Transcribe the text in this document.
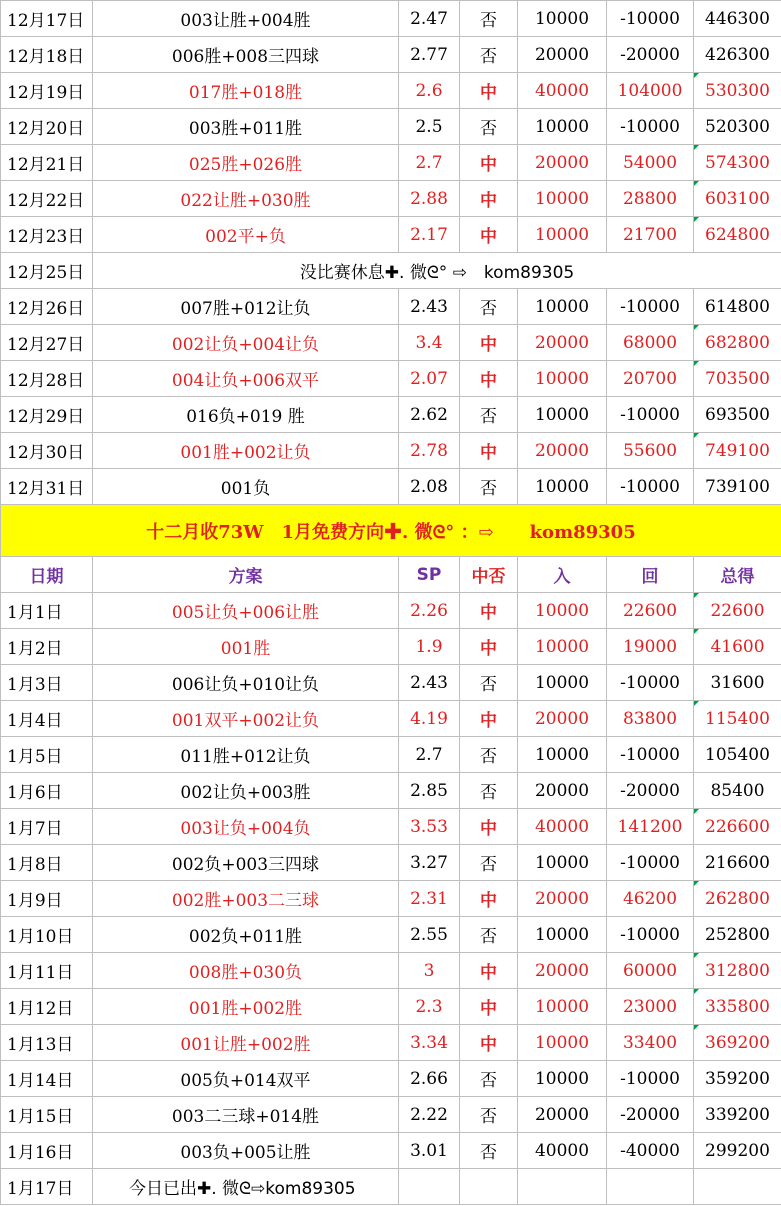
12月17日	003让胜+004胜	2.47	否	10000	-10000	446300
12月18日	006胜+008三四球	2.77	否	20000	-20000	426300
12月19日	017胜+018胜	2.6	中	40000	104000	530300
12月20日	003胜+011胜	2.5	否	10000	-10000	520300
12月21日	025胜+026胜	2.7	中	20000	54000	574300
12月22日	022让胜+030胜	2.88	中	10000	28800	603100
12月23日	002平+负	2.17	中	10000	21700	624800
12月25日	没比赛休息✚. 微ᘓ° ⇨　kom89305					
12月26日	007胜+012让负	2.43	否	10000	-10000	614800
12月27日	002让负+004让负	3.4	中	20000	68000	682800
12月28日	004让负+006双平	2.07	中	10000	20700	703500
12月29日	016负+019 胜	2.62	否	10000	-10000	693500
12月30日	001胜+002让负	2.78	中	20000	55600	749100
12月31日	001负	2.08	否	10000	-10000	739100
十二月收73W　1月免费方向✚. 微ᘓ° ：⇨　　kom89305						
日期	方案	SP	中否	入	回	总得
1月1日	005让负+006让胜	2.26	中	10000	22600	22600
1月2日	001胜	1.9	中	10000	19000	41600
1月3日	006让负+010让负	2.43	否	10000	-10000	31600
1月4日	001双平+002让负	4.19	中	20000	83800	115400
1月5日	011胜+012让负	2.7	否	10000	-10000	105400
1月6日	002让负+003胜	2.85	否	20000	-20000	85400
1月7日	003让负+004负	3.53	中	40000	141200	226600
1月8日	002负+003三四球	3.27	否	10000	-10000	216600
1月9日	002胜+003二三球	2.31	中	20000	46200	262800
1月10日	002负+011胜	2.55	否	10000	-10000	252800
1月11日	008胜+030负	3	中	20000	60000	312800
1月12日	001胜+002胜	2.3	中	10000	23000	335800
1月13日	001让胜+002胜	3.34	中	10000	33400	369200
1月14日	005负+014双平	2.66	否	10000	-10000	359200
1月15日	003二三球+014胜	2.22	否	20000	-20000	339200
1月16日	003负+005让胜	3.01	否	40000	-40000	299200
1月17日	今日已出✚. 微ᘓ⇨kom89305					
